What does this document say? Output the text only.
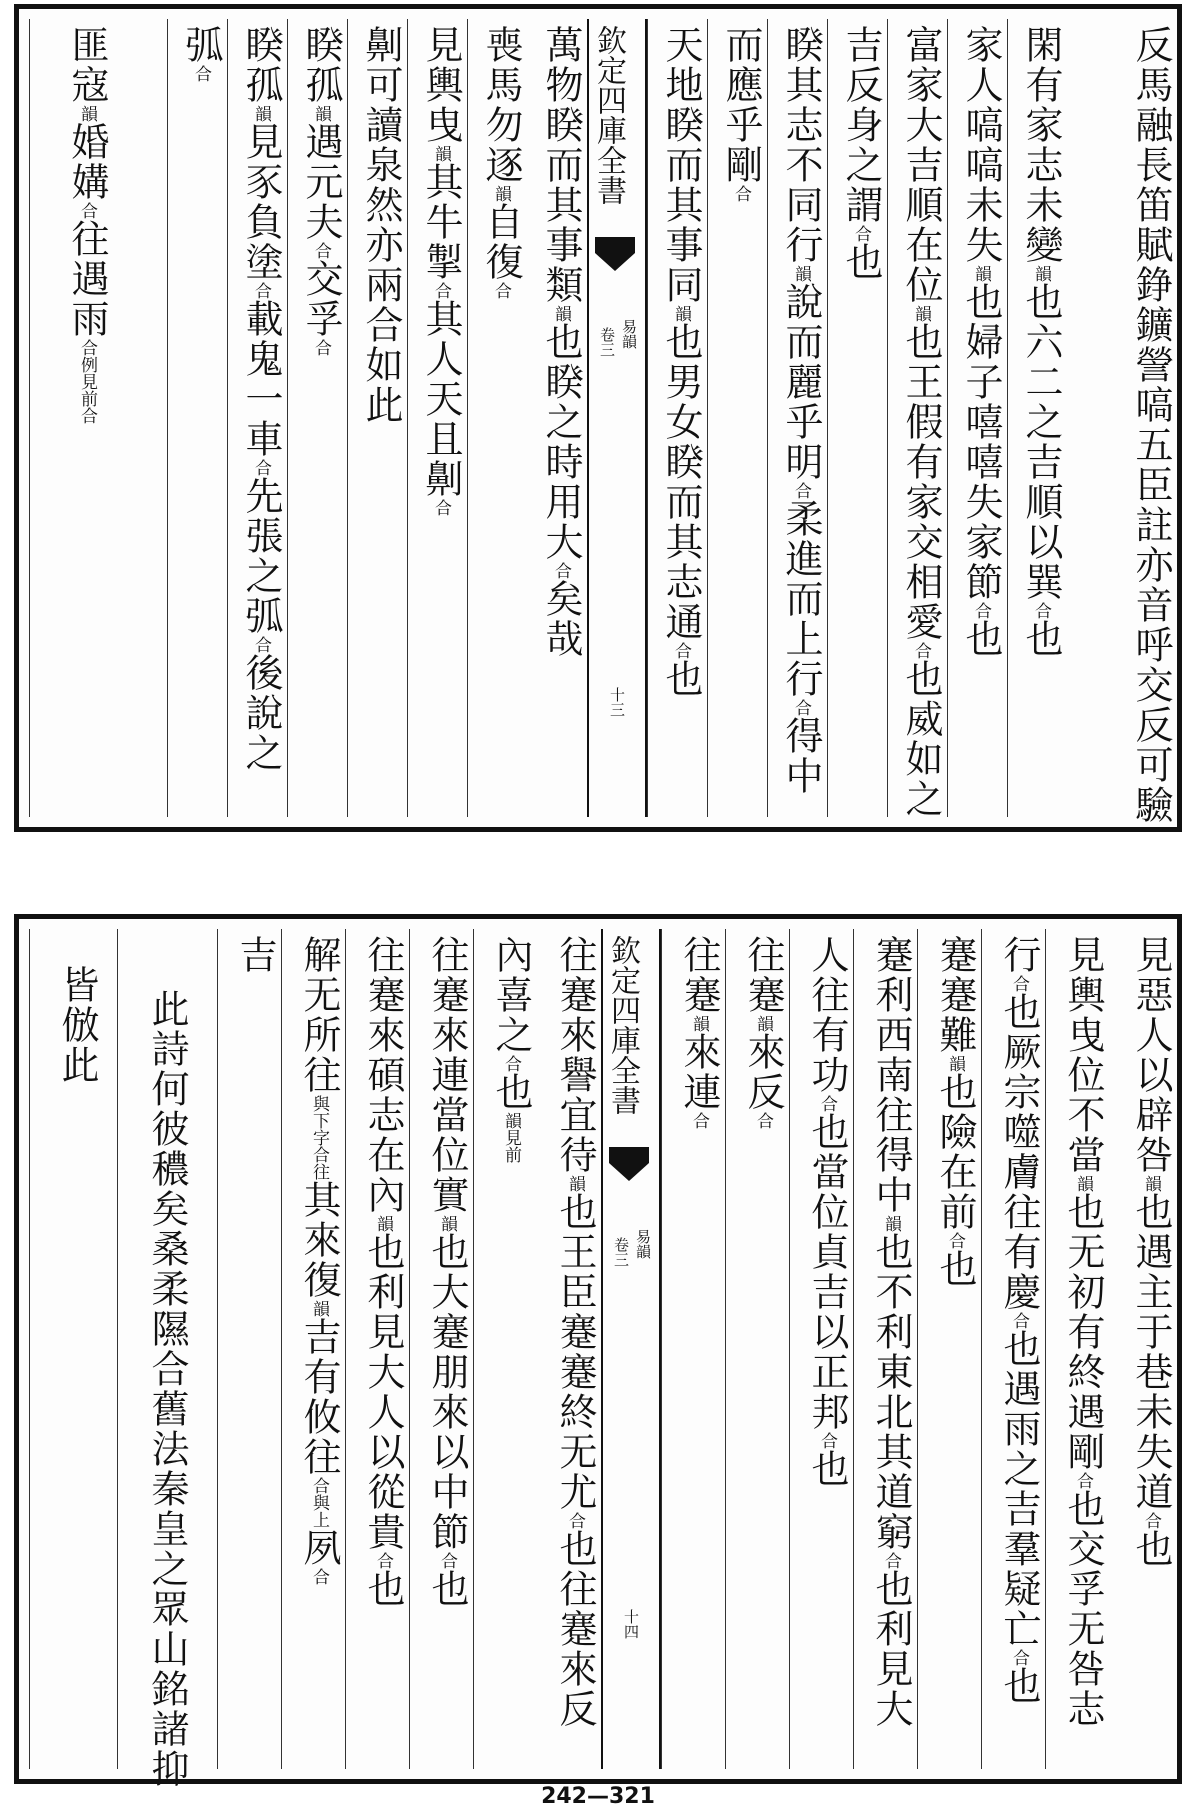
反馬融長笛賦錚鑛謍嗃五臣註亦音呼交反可驗
閑有家志未變韻也六二之吉順以巽合也
家人嗃嗃未失韻也婦子嘻嘻失家節合也
富家大吉順在位韻也王假有家交相愛合也威如之
吉反身之謂合也
睽其志不同行韻說而麗乎明合柔進而上行合得中
而應乎剛合
天地睽而其事同韻也男女睽而其志通合也
欽定四庫全書
易韻
卷三
十三
萬物睽而其事類韻也睽之時用大合矣哉
喪馬勿逐韻自復合
見輿曳韻其牛掣合其人天且劓合
劓可讀泉然亦兩合如此
睽孤韻遇元夫合交孚合
睽孤韻見豕負塗合載鬼一車合先張之弧合後說之
弧合
匪寇韻婚媾合往遇雨合例見前合
見惡人以辟咎韻也遇主于巷未失道合也
見輿曳位不當韻也无初有終遇剛合也交孚无咎志
行合也厥宗噬膚往有慶合也遇雨之吉羣疑亡合也
蹇蹇難韻也險在前合也
蹇利西南往得中韻也不利東北其道窮合也利見大
人往有功合也當位貞吉以正邦合也
往蹇韻來反合
往蹇韻來連合
欽定四庫全書
易韻
卷三
十四
往蹇來譽宜待韻也王臣蹇蹇終无尤合也往蹇來反
內喜之合也韻見前
往蹇來連當位實韻也大蹇朋來以中節合也
往蹇來碩志在內韻也利見大人以從貴合也
解无所往與下字合往其來復韻吉有攸往合與上夙合
吉
此詩何彼穠矣桑柔隰合舊法秦皇之眾山銘諸抑
皆倣此
242—321
